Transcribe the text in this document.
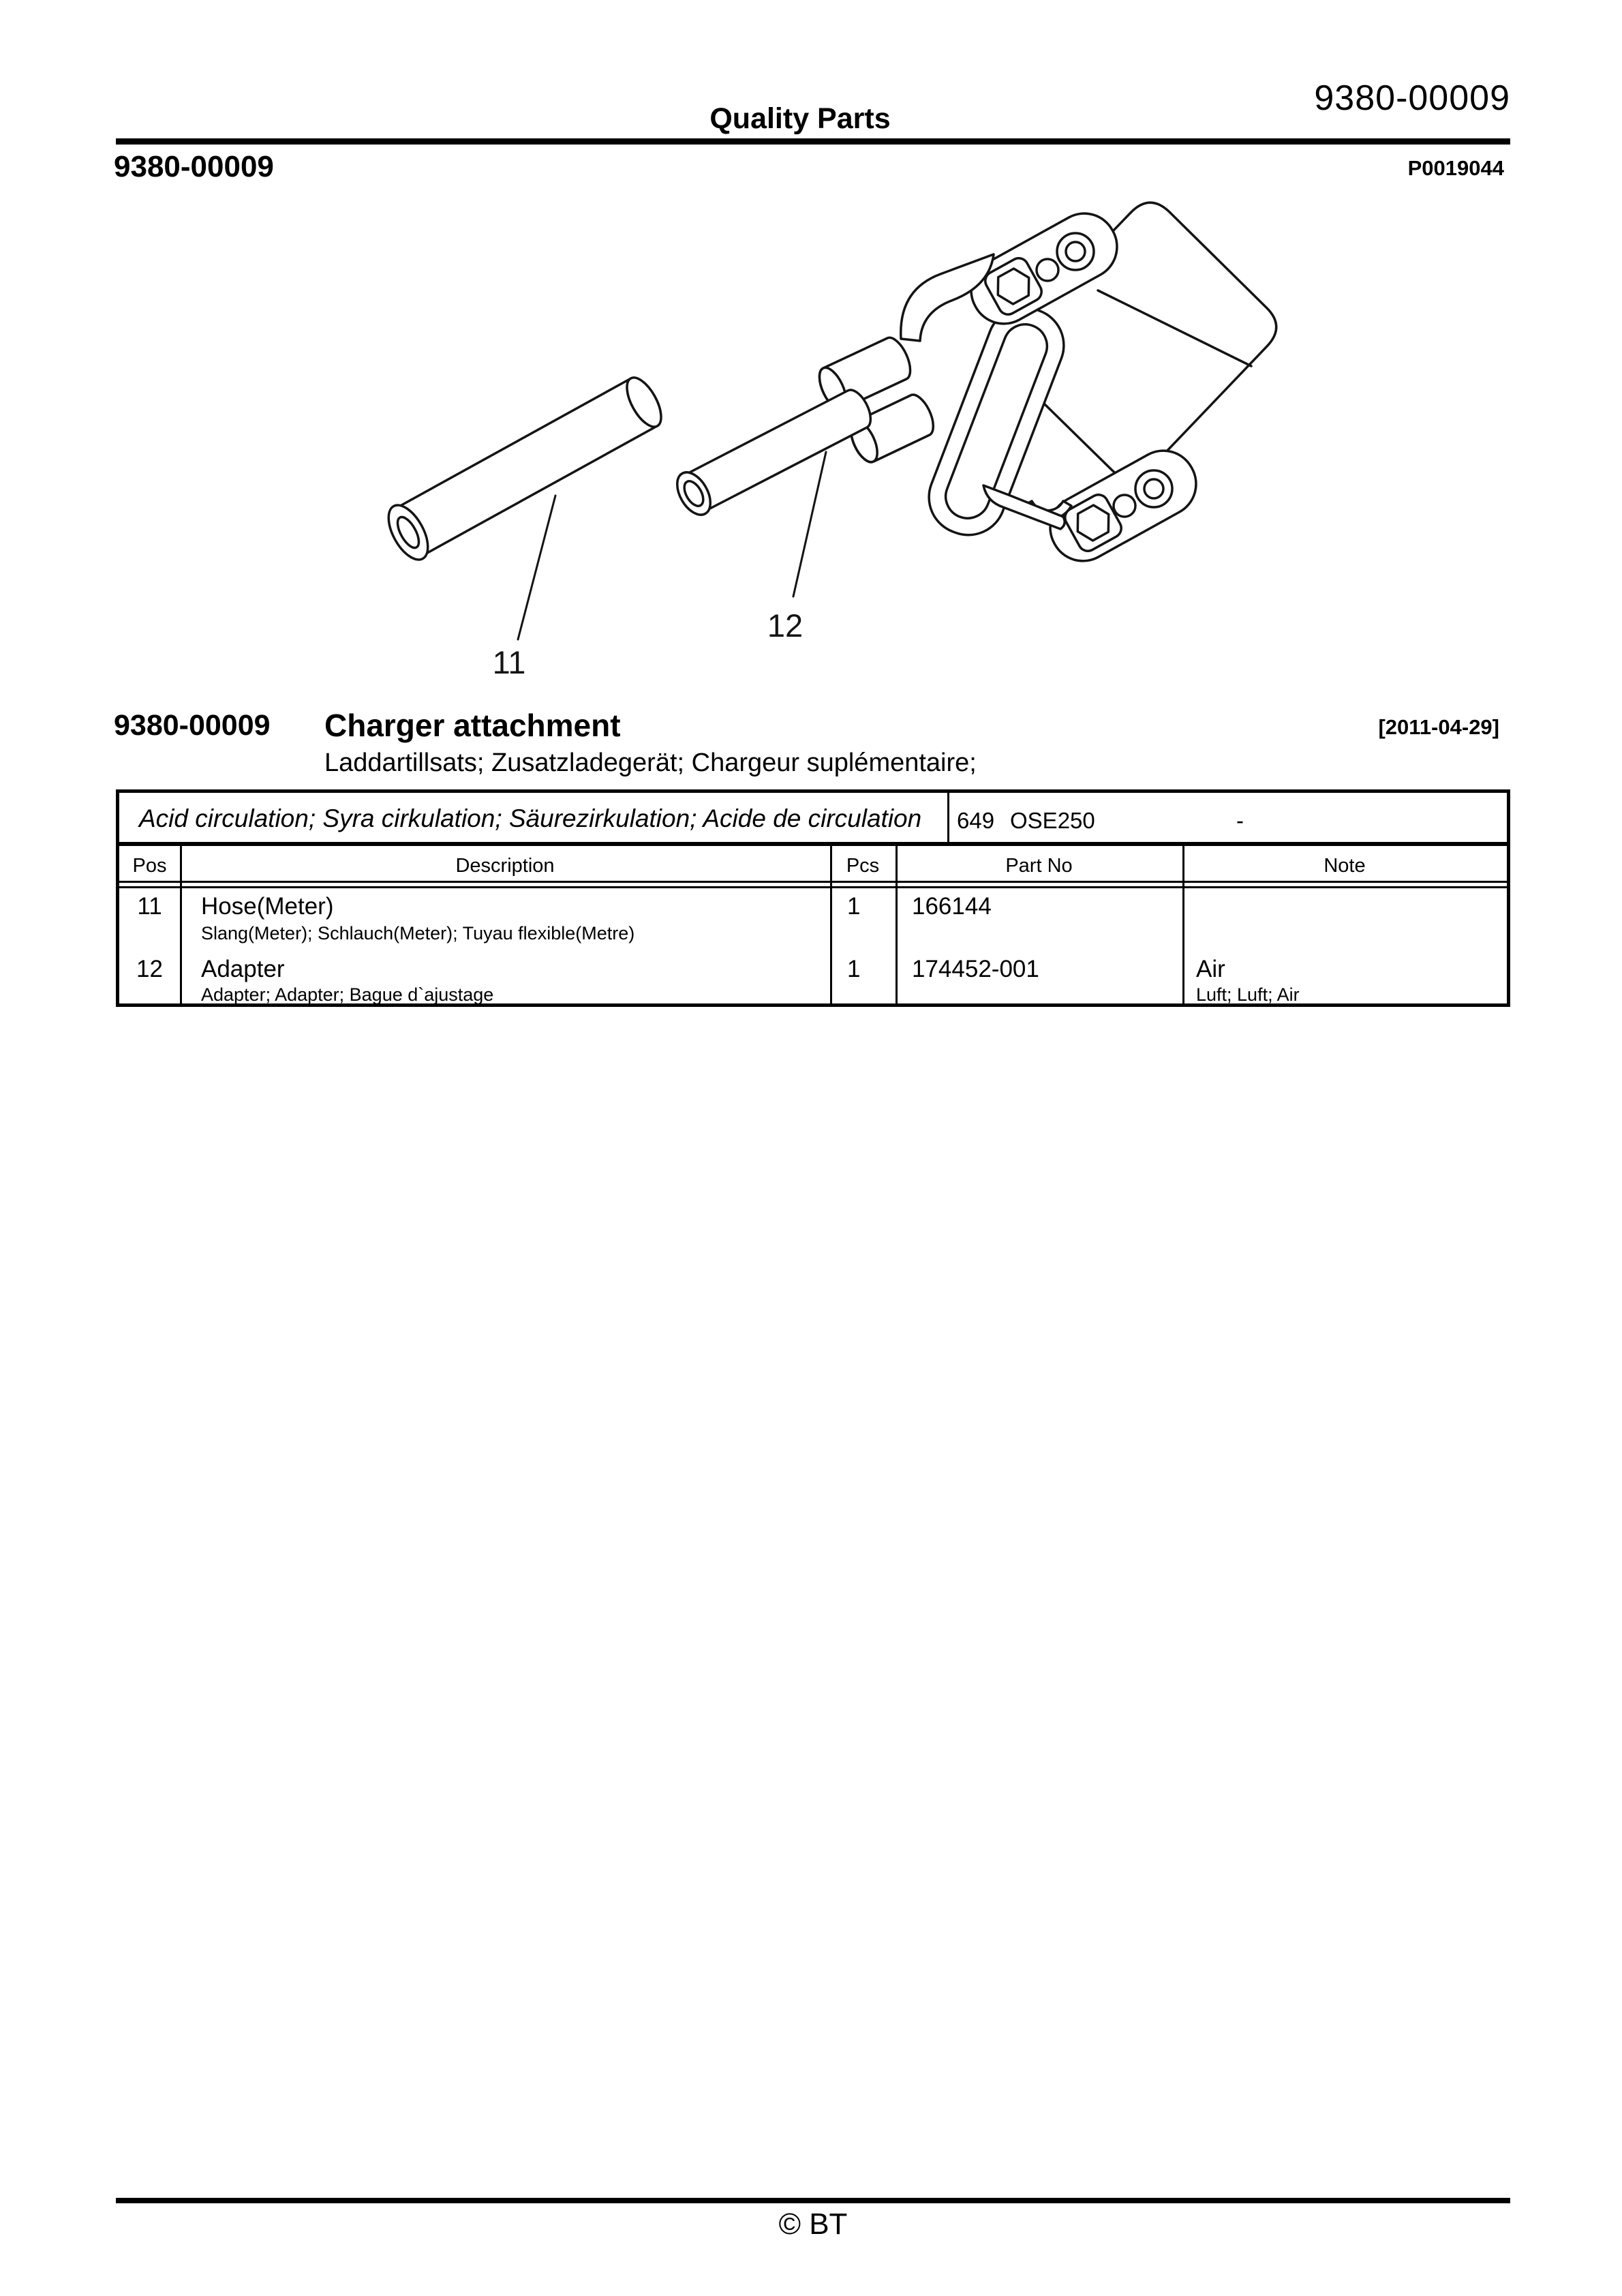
Quality Parts
9380-00009
9380-00009	P0019044
11
12
9380-00009 Charger attachment	[2011-04-29]
Laddartillsats; Zusatzladegerät; Chargeur suplémentaire;
Acid circulation; Syra cirkulation; Säurezirkulation; Acide de circulation 649 OSE250	-
Pos	Description	Pcs	Part No	Note
11	Hose(Meter)
Slang(Meter); Schlauch(Meter); Tuyau flexible(Metre)
1 166144
12	Adapter
Adapter; Adapter; Bague d`ajustage
1 174452-001	Air
Luft; Luft; Air
© BT
